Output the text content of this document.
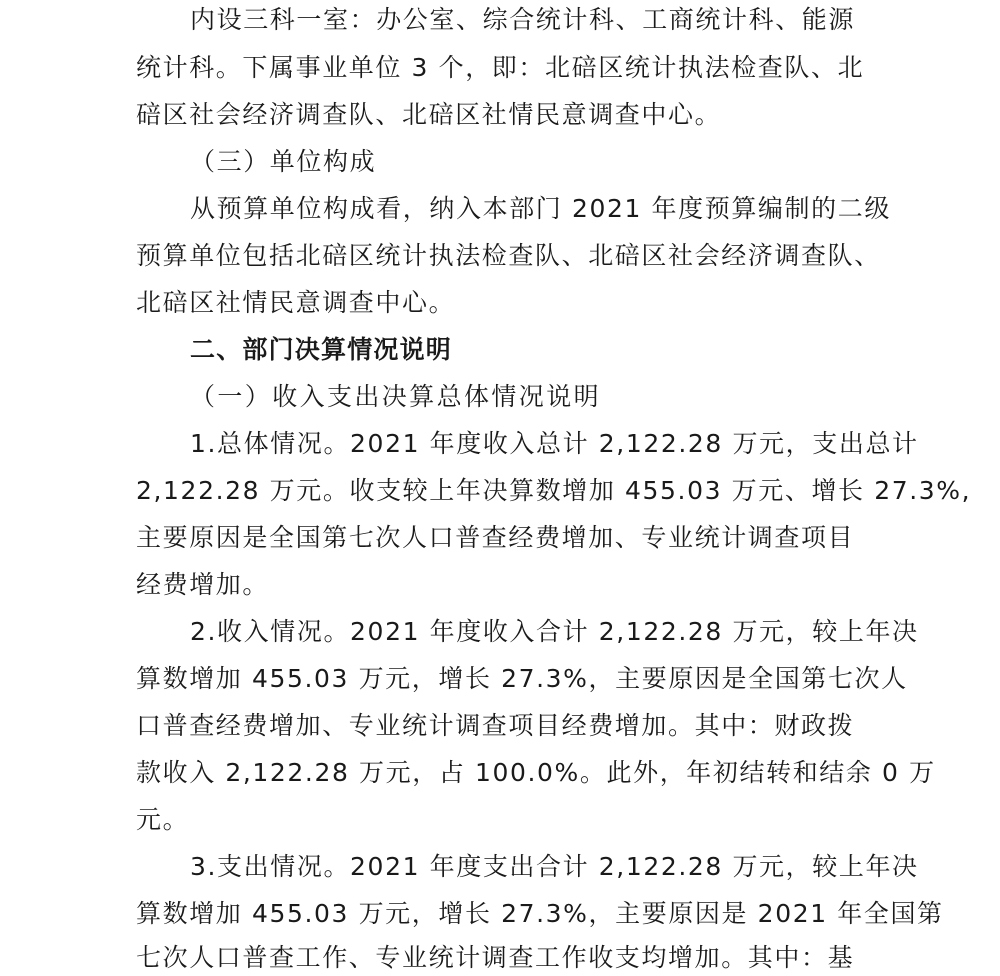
内设三科一室：办公室、综合统计科、工商统计科、能源
统计科。下属事业单位 3 个，即：北碚区统计执法检查队、北
碚区社会经济调查队、北碚区社情民意调查中心。
（三）单位构成
从预算单位构成看，纳入本部门 2021 年度预算编制的二级
预算单位包括北碚区统计执法检查队、北碚区社会经济调查队、
北碚区社情民意调查中心。
二、部门决算情况说明
（一）收入支出决算总体情况说明
1.总体情况。2021 年度收入总计 2,122.28 万元，支出总计
2,122.28 万元。收支较上年决算数增加 455.03 万元、增长 27.3%,
主要原因是全国第七次人口普查经费增加、专业统计调查项目
经费增加。
2.收入情况。2021 年度收入合计 2,122.28 万元，较上年决
算数增加 455.03 万元，增长 27.3%，主要原因是全国第七次人
口普查经费增加、专业统计调查项目经费增加。其中：财政拨
款收入 2,122.28 万元，占 100.0%。此外，年初结转和结余 0 万
元。
3.支出情况。2021 年度支出合计 2,122.28 万元，较上年决
算数增加 455.03 万元，增长 27.3%，主要原因是 2021 年全国第
七次人口普查工作、专业统计调查工作收支均增加。其中：基
